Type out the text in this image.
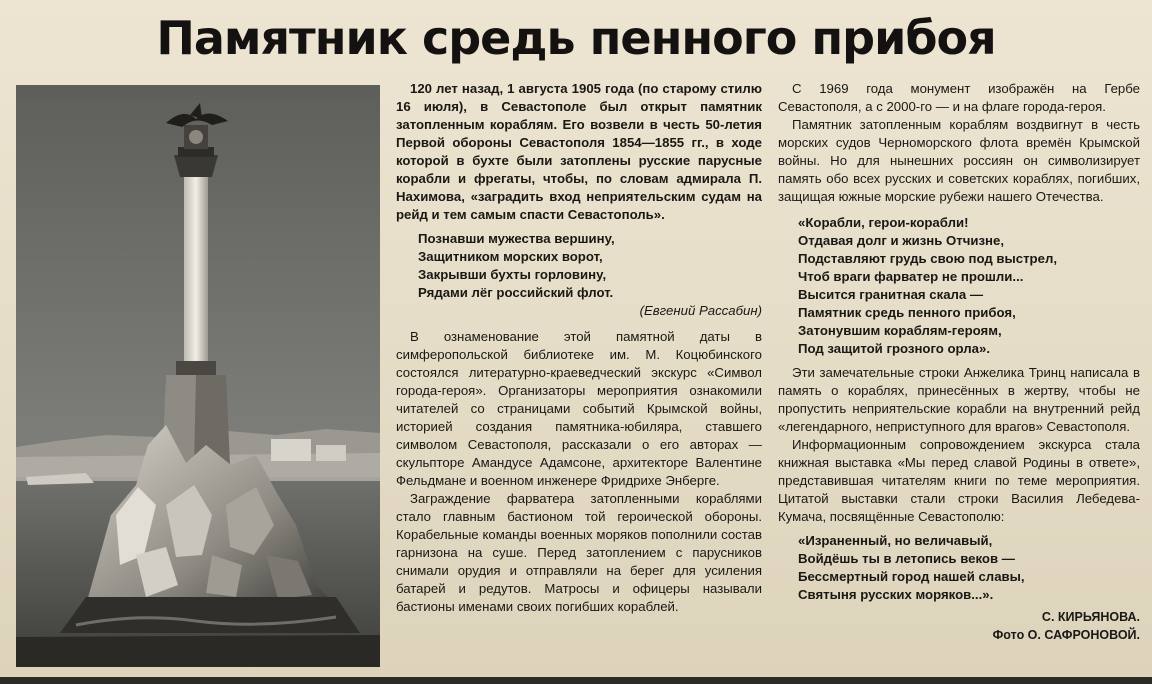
Памятник средь пенного прибоя

120 лет назад, 1 августа 1905 года (по старому стилю 16 июля), в Севастополе был открыт памятник затопленным кораблям. Его возвели в честь 50-летия Первой обороны Севастополя 1854—1855 гг., в ходе которой в бухте были затоплены русские парусные корабли и фрегаты, чтобы, по словам адмирала П. Нахимова, «заградить вход неприятельским судам на рейд и тем самым спасти Севастополь».

Познавши мужества вершину,
Защитником морских ворот,
Закрывши бухты горловину,
Рядами лёг российский флот.
(Евгений Рассабин)

В ознаменование этой памятной даты в симферопольской библиотеке им. М. Коцюбинского состоялся литературно-краеведческий экскурс «Символ города-героя». Организаторы мероприятия ознакомили читателей со страницами событий Крымской войны, историей создания памятника-юбиляра, ставшего символом Севастополя, рассказали о его авторах — скульпторе Амандусе Адамсоне, архитекторе Валентине Фельдмане и военном инженере Фридрихе Энберге.

Заграждение фарватера затопленными кораблями стало главным бастионом той героической обороны. Корабельные команды военных моряков пополнили состав гарнизона на суше. Перед затоплением с парусников снимали орудия и отправляли на берег для усиления батарей и редутов. Матросы и офицеры называли бастионы именами своих погибших кораблей.

С 1969 года монумент изображён на Гербе Севастополя, а с 2000-го — и на флаге города-героя.

Памятник затопленным кораблям воздвигнут в честь морских судов Черноморского флота времён Крымской войны. Но для нынешних россиян он символизирует память обо всех русских и советских кораблях, погибших, защищая южные морские рубежи нашего Отечества.

«Корабли, герои-корабли!
Отдавая долг и жизнь Отчизне,
Подставляют грудь свою под выстрел,
Чтоб враги фарватер не прошли...
Высится гранитная скала —
Памятник средь пенного прибоя,
Затонувшим кораблям-героям,
Под защитой грозного орла».

Эти замечательные строки Анжелика Тринц написала в память о кораблях, принесённых в жертву, чтобы не пропустить неприятельские корабли на внутренний рейд «легендарного, неприступного для врагов» Севастополя.

Информационным сопровождением экскурса стала книжная выставка «Мы перед славой Родины в ответе», представившая читателям книги по теме мероприятия. Цитатой выставки стали строки Василия Лебедева-Кумача, посвящённые Севастополю:

«Израненный, но величавый,
Войдёшь ты в летопись веков —
Бессмертный город нашей славы,
Святыня русских моряков...».
С. КИРЬЯНОВА.
Фото О. САФРОНОВОЙ.
